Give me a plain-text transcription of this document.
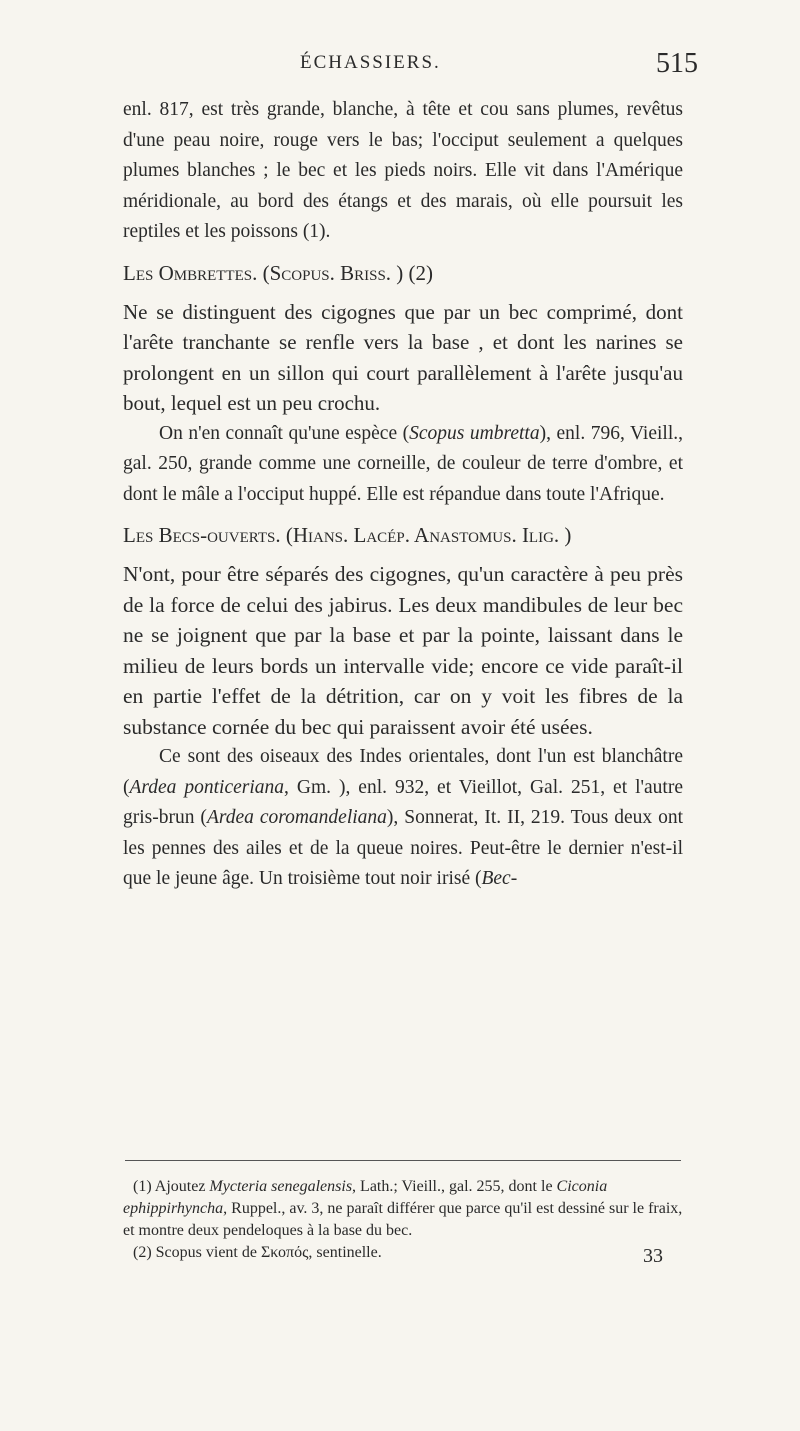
ÉCHASSIERS.	515

enl. 817, est très grande, blanche, à tête et cou sans plumes, revêtus d'une peau noire, rouge vers le bas; l'occiput seulement a quelques plumes blanches ; le bec et les pieds noirs. Elle vit dans l'Amérique méridionale, au bord des étangs et des marais, où elle poursuit les reptiles et les poissons (1).

Les Ombrettes. (Scopus. Briss. ) (2)

Ne se distinguent des cigognes que par un bec comprimé, dont l'arête tranchante se renfle vers la base , et dont les narines se prolongent en un sillon qui court parallèlement à l'arête jusqu'au bout, lequel est un peu crochu.

On n'en connaît qu'une espèce (Scopus umbretta), enl. 796, Vieill., gal. 250, grande comme une corneille, de couleur de terre d'ombre, et dont le mâle a l'occiput huppé. Elle est répandue dans toute l'Afrique.

Les Becs-ouverts. (Hians. Lacép. Anastomus. Ilig. )

N'ont, pour être séparés des cigognes, qu'un caractère à peu près de la force de celui des jabirus. Les deux mandibules de leur bec ne se joignent que par la base et par la pointe, laissant dans le milieu de leurs bords un intervalle vide; encore ce vide paraît-il en partie l'effet de la détrition, car on y voit les fibres de la substance cornée du bec qui paraissent avoir été usées.

Ce sont des oiseaux des Indes orientales, dont l'un est blanchâtre (Ardea ponticeriana, Gm. ), enl. 932, et Vieillot, Gal. 251, et l'autre gris-brun (Ardea coromandeliana), Sonnerat, It. II, 219. Tous deux ont les pennes des ailes et de la queue noires. Peut-être le dernier n'est-il que le jeune âge. Un troisième tout noir irisé (Bec-

(1) Ajoutez Mycteria senegalensis, Lath.; Vieill., gal. 255, dont le Ciconia ephippirhyncha, Ruppel., av. 3, ne paraît différer que parce qu'il est dessiné sur le fraix, et montre deux pendeloques à la base du bec.

(2) Scopus vient de Σκοπός, sentinelle.	33
